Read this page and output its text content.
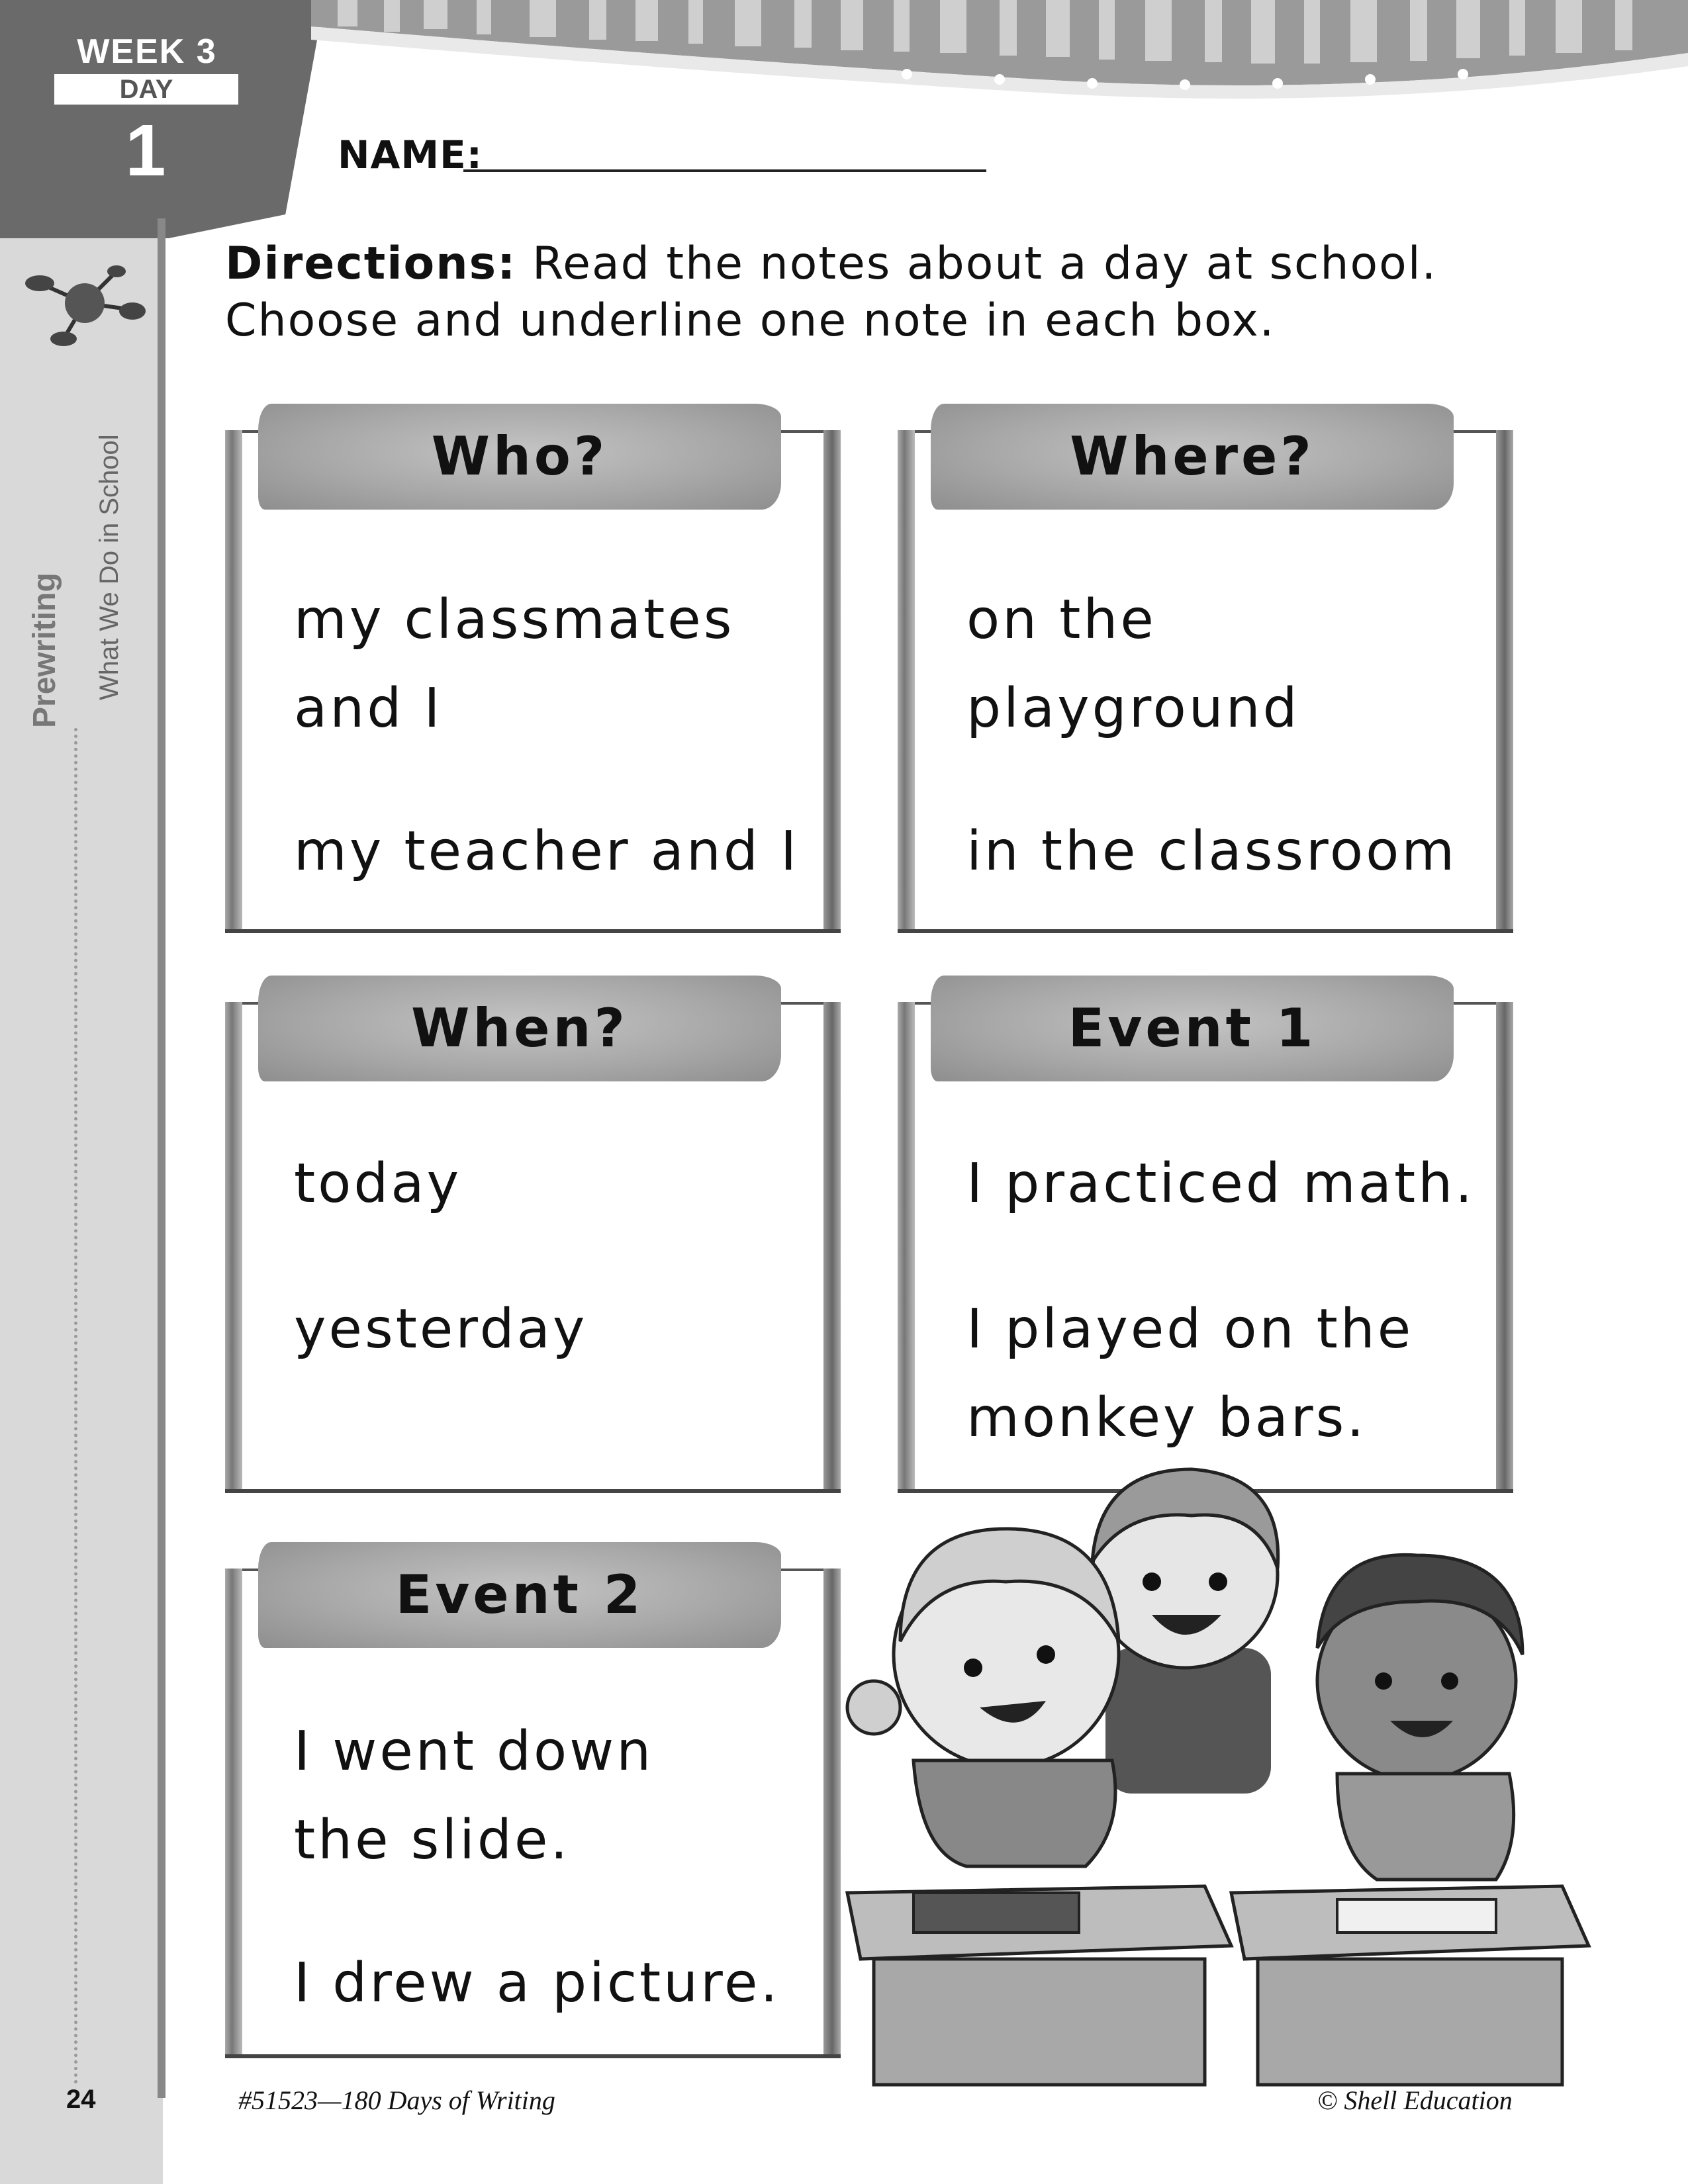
WEEK 3
DAY
1
Prewriting What We Do in School
NAME:
Directions: Read the notes about a day at school.
Choose and underline one note in each box.
Who?
my classmates
and I
my teacher and I
Where?
on the
playground
in the classroom
When?
today
yesterday
Event 1
I practiced math.
I played on the
monkey bars.
Event 2
I went down
the slide.
I drew a picture.
24	#51523—180 Days of Writing	© Shell Education
